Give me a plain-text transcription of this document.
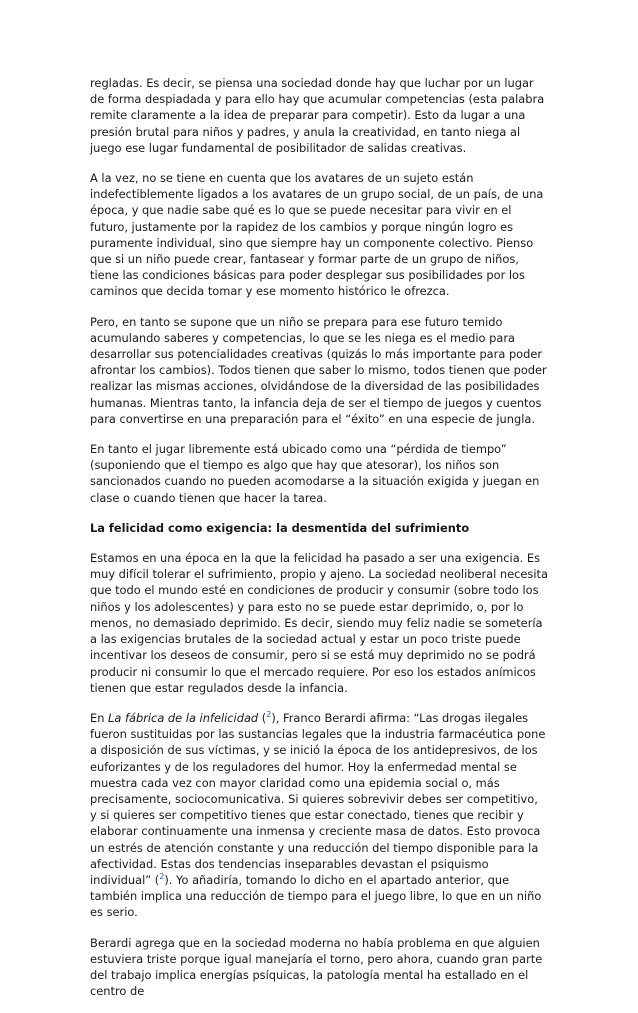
regladas. Es decir, se piensa una sociedad donde hay que luchar por un lugar de forma despiadada y para ello hay que acumular competencias (esta palabra remite claramente a la idea de preparar para competir). Esto da lugar a una presión brutal para niños y padres, y anula la creatividad, en tanto niega al juego ese lugar fundamental de posibilitador de salidas creativas.

A la vez, no se tiene en cuenta que los avatares de un sujeto están indefectiblemente ligados a los avatares de un grupo social, de un país, de una época, y que nadie sabe qué es lo que se puede necesitar para vivir en el futuro, justamente por la rapidez de los cambios y porque ningún logro es puramente individual, sino que siempre hay un componente colectivo. Pienso que si un niño puede crear, fantasear y formar parte de un grupo de niños, tiene las condiciones básicas para poder desplegar sus posibilidades por los caminos que decida tomar y ese momento histórico le ofrezca.

Pero, en tanto se supone que un niño se prepara para ese futuro temido acumulando saberes y competencias, lo que se les niega es el medio para desarrollar sus potencialidades creativas (quizás lo más importante para poder afrontar los cambios). Todos tienen que saber lo mismo, todos tienen que poder realizar las mismas acciones, olvidándose de la diversidad de las posibilidades humanas. Mientras tanto, la infancia deja de ser el tiempo de juegos y cuentos para convertirse en una preparación para el “éxito” en una especie de jungla.

En tanto el jugar libremente está ubicado como una “pérdida de tiempo” (suponiendo que el tiempo es algo que hay que atesorar), los niños son sancionados cuando no pueden acomodarse a la situación exigida y juegan en clase o cuando tienen que hacer la tarea.

La felicidad como exigencia: la desmentida del sufrimiento

Estamos en una época en la que la felicidad ha pasado a ser una exigencia. Es muy difícil tolerar el sufrimiento, propio y ajeno. La sociedad neoliberal necesita que todo el mundo esté en condiciones de producir y consumir (sobre todo los niños y los adolescentes) y para esto no se puede estar deprimido, o, por lo menos, no demasiado deprimido. Es decir, siendo muy feliz nadie se sometería a las exigencias brutales de la sociedad actual y estar un poco triste puede incentivar los deseos de consumir, pero si se está muy deprimido no se podrá producir ni consumir lo que el mercado requiere. Por eso los estados anímicos tienen que estar regulados desde la infancia.

En La fábrica de la infelicidad ($^2$), Franco Berardi afirma: “Las drogas ilegales fueron sustituidas por las sustancias legales que la industria farmacéutica pone a disposición de sus víctimas, y se inició la época de los antidepresivos, de los euforizantes y de los reguladores del humor. Hoy la enfermedad mental se muestra cada vez con mayor claridad como una epidemia social o, más precisamente, sociocomunicativa. Si quieres sobrevivir debes ser competitivo, y si quieres ser competitivo tienes que estar conectado, tienes que recibir y elaborar continuamente una inmensa y creciente masa de datos. Esto provoca un estrés de atención constante y una reducción del tiempo disponible para la afectividad. Estas dos tendencias inseparables devastan el psiquismo individual” ($^2$). Yo añadiría, tomando lo dicho en el apartado anterior, que también implica una reducción de tiempo para el juego libre, lo que en un niño es serio.

Berardi agrega que en la sociedad moderna no había problema en que alguien estuviera triste porque igual manejaría el torno, pero ahora, cuando gran parte del trabajo implica energías psíquicas, la patología mental ha estallado en el centro de
